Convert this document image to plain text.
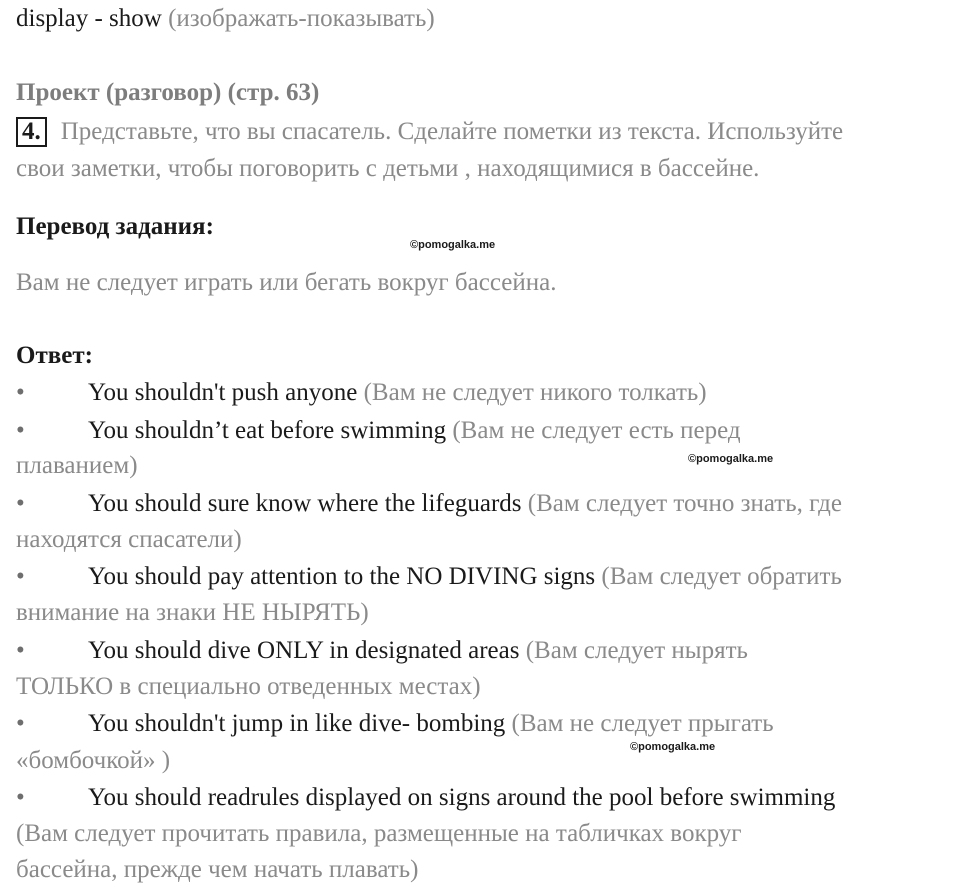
display - show (изображать-показывать)
Проект (разговор) (стр. 63)
4. Представьте, что вы спасатель. Сделайте пометки из текста. Используйте
свои заметки, чтобы поговорить с детьми , находящимися в бассейне.
Перевод задания:
©pomogalka.me
Вам не следует играть или бегать вокруг бассейна.
Ответ:
•	You shouldn't push anyone (Вам не следует никого толкать)
•	You shouldn’t eat before swimming (Вам не следует есть перед
плаванием)	©pomogalka.me
•	You should sure know where the lifeguards (Вам следует точно знать, где
находятся спасатели)
•	You should pay attention to the NO DIVING signs (Вам следует обратить
внимание на знаки НЕ НЫРЯТЬ)
•	You should dive ONLY in designated areas (Вам следует нырять
ТОЛЬКО в специально отведенных местах)
•	You shouldn't jump in like dive- bombing (Вам не следует прыгать
«бомбочкой» )	©pomogalka.me
•	You should readrules displayed on signs around the pool before swimming
(Вам следует прочитать правила, размещенные на табличках вокруг
бассейна, прежде чем начать плавать)
